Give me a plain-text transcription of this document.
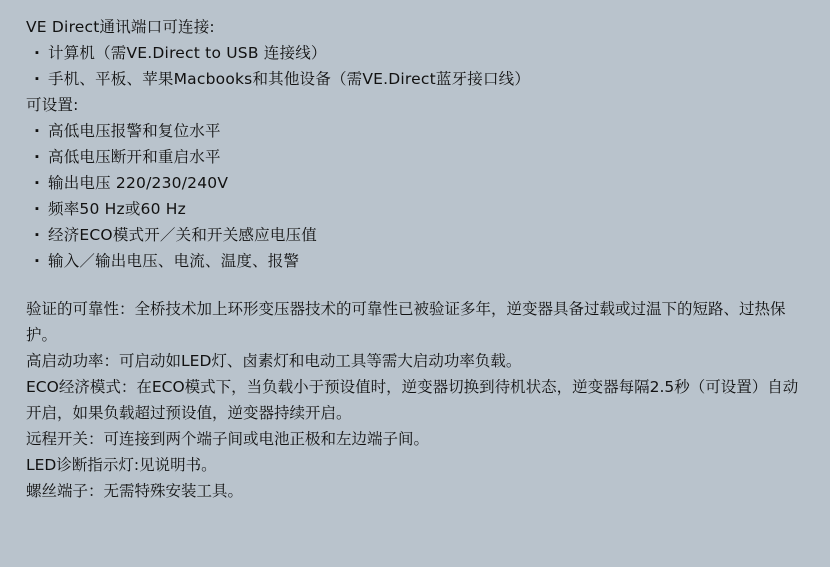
VE Direct通讯端口可连接:
· 计算机（需VE.Direct to USB 连接线）
· 手机、平板、苹果Macbooks和其他设备（需VE.Direct蓝牙接口线）
可设置:
· 高低电压报警和复位水平
· 高低电压断开和重启水平
· 输出电压 220/230/240V
· 频率50 Hz或60 Hz
· 经济ECO模式开／关和开关感应电压值
· 输入／输出电压、电流、温度、报警
验证的可靠性：全桥技术加上环形变压器技术的可靠性已被验证多年，逆变器具备过载或过温下的短路、过热保护。
高启动功率：可启动如LED灯、卤素灯和电动工具等需大启动功率负载。
ECO经济模式：在ECO模式下，当负载小于预设值时，逆变器切换到待机状态，逆变器每隔2.5秒（可设置）自动开启，如果负载超过预设值，逆变器持续开启。
远程开关：可连接到两个端子间或电池正极和左边端子间。
LED诊断指示灯:见说明书。
螺丝端子：无需特殊安装工具。
